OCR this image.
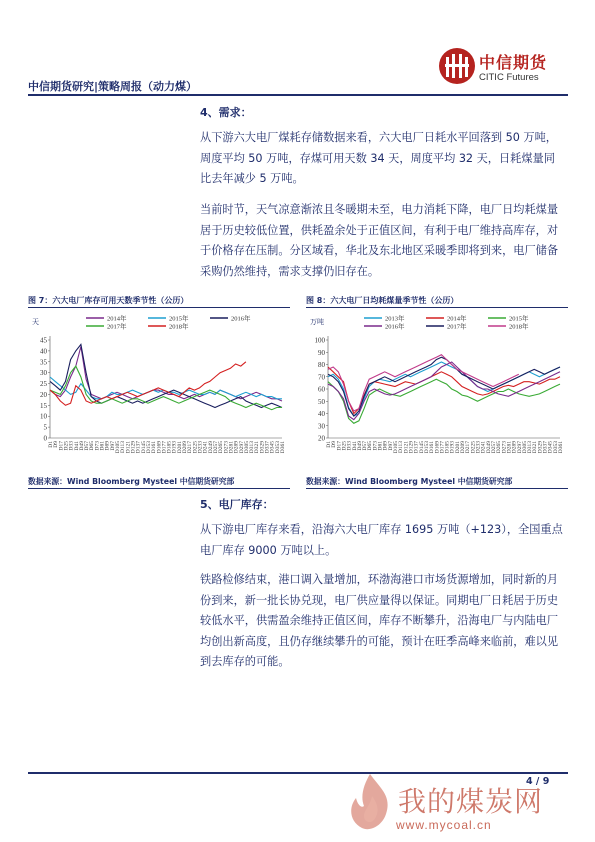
中信期货研究|策略周报（动力煤）
中信期货
CITIC Futures
4、需求：
从下游六大电厂煤耗存储数据来看，六大电厂日耗水平回落到 50 万吨，周度平均 50 万吨，存煤可用天数 34 天，周度平均 32 天，日耗煤量同比去年减少 5 万吨。
当前时节，天气凉意渐浓且冬暖期未至，电力消耗下降，电厂日均耗煤量居于历史较低位置，供耗盈余处于正值区间，有利于电厂维持高库存，对于价格存在压制。分区域看，华北及东北地区采暖季即将到来，电厂储备采购仍然维持，需求支撑仍旧存在。
图 7：六大电厂库存可用天数季节性（公历）	图 8：六大电厂日均耗煤量季节性（公历）
天
0
5
10
15
20
25
30
35
40
45
D1 D9 D17 D25 D33 D41 D49 D57 D65 D73 D81 D89 D97 D105 D113 D121 D129 D137 D145 D153 D161 D169 D177 D185 D193 D201 D209 D217 D225 D233 D241 D249 D257 D265 D273 D281 D289 D297 D305 D313 D321 D329 D337 D345 D353 D361
2014年	2015年	2016年
2017年	2018年
万吨
20
30
40
50
60
70
80
90
100
D1 D9 D17 D25 D33 D41 D49 D57 D65 D73 D81 D89 D97 D105 D113 D121 D129 D137 D145 D153 D161 D169 D177 D185 D193 D201 D209 D217 D225 D233 D241 D249 D257 D265 D273 D281 D289 D297 D305 D313 D321 D329 D337 D345 D353 D361
2013年	2014年	2015年
2016年	2017年	2018年
数据来源：Wind Bloomberg Mysteel 中信期货研究部	数据来源：Wind Bloomberg Mysteel 中信期货研究部
5、电厂库存：
从下游电厂库存来看，沿海六大电厂库存 1695 万吨（+123），全国重点电厂库存 9000 万吨以上。
铁路检修结束，港口调入量增加，环渤海港口市场货源增加，同时新的月份到来，新一批长协兑现，电厂供应量得以保证。同期电厂日耗居于历史较低水平，供需盈余维持正值区间，库存不断攀升，沿海电厂与内陆电厂均创出新高度，且仍存继续攀升的可能，预计在旺季高峰来临前，难以见到去库存的可能。
4 / 9
我的煤炭网
www.mycoal.cn
